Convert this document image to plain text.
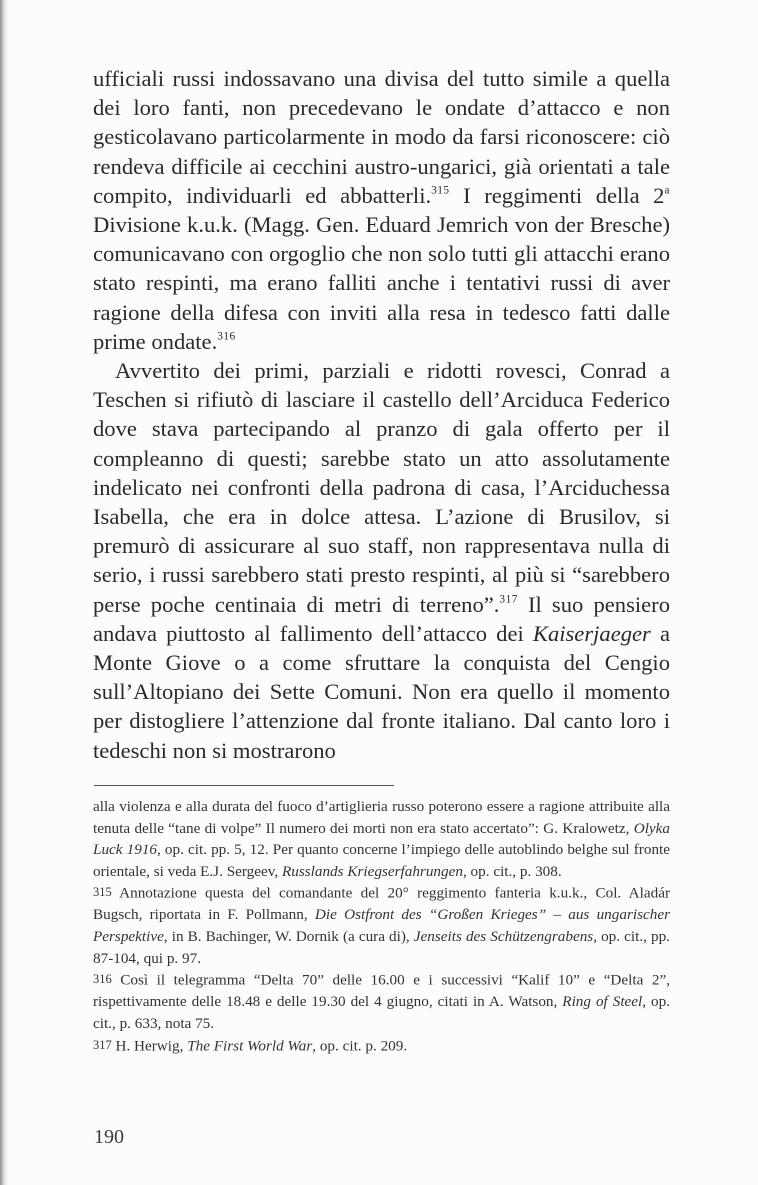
ufficiali russi indossavano una divisa del tutto simile a quella dei loro fanti, non precedevano le ondate d’attacco e non gesticolavano particolarmente in modo da farsi riconoscere: ciò rendeva difficile ai cecchini austro-ungarici, già orientati a tale compito, individuarli ed abbatterli.$^{315}$ I reggimenti della 2$^a$ Divisione k.u.k. (Magg. Gen. Eduard Jemrich von der Bresche) comunicavano con orgoglio che non solo tutti gli attacchi erano stato respinti, ma erano falliti anche i tentativi russi di aver ragione della difesa con inviti alla resa in tedesco fatti dalle prime ondate.$^{316}$

Avvertito dei primi, parziali e ridotti rovesci, Conrad a Teschen si rifiutò di lasciare il castello dell’Arciduca Federico dove stava partecipando al pranzo di gala offerto per il compleanno di questi; sarebbe stato un atto assolutamente indelicato nei confronti della padrona di casa, l’Arciduchessa Isabella, che era in dolce attesa. L’azione di Brusilov, si premurò di assicurare al suo staff, non rappresentava nulla di serio, i russi sarebbero stati presto respinti, al più si “sarebbero perse poche centinaia di metri di terreno”.$^{317}$ Il suo pensiero andava piuttosto al fallimento dell’attacco dei Kaiserjaeger a Monte Giove o a come sfruttare la conquista del Cengio sull’Altopiano dei Sette Comuni. Non era quello il momento per distogliere l’attenzione dal fronte italiano. Dal canto loro i tedeschi non si mostrarono

alla violenza e alla durata del fuoco d’artiglieria russo poterono essere a ragione attribuite alla tenuta delle “tane di volpe” Il numero dei morti non era stato accertato”: G. Kralowetz, Olyka Luck 1916, op. cit. pp. 5, 12. Per quanto concerne l’impiego delle autoblindo belghe sul fronte orientale, si veda E.J. Sergeev, Russlands Kriegserfahrungen, op. cit., p. 308.

315 Annotazione questa del comandante del 20° reggimento fanteria k.u.k., Col. Aladár Bugsch, riportata in F. Pollmann, Die Ostfront des “Großen Krieges” – aus ungarischer Perspektive, in B. Bachinger, W. Dornik (a cura di), Jenseits des Schützengrabens, op. cit., pp. 87-104, qui p. 97.

316 Così il telegramma “Delta 70” delle 16.00 e i successivi “Kalif 10” e “Delta 2”, rispettivamente delle 18.48 e delle 19.30 del 4 giugno, citati in A. Watson, Ring of Steel, op. cit., p. 633, nota 75.

317 H. Herwig, The First World War, op. cit. p. 209.

190
